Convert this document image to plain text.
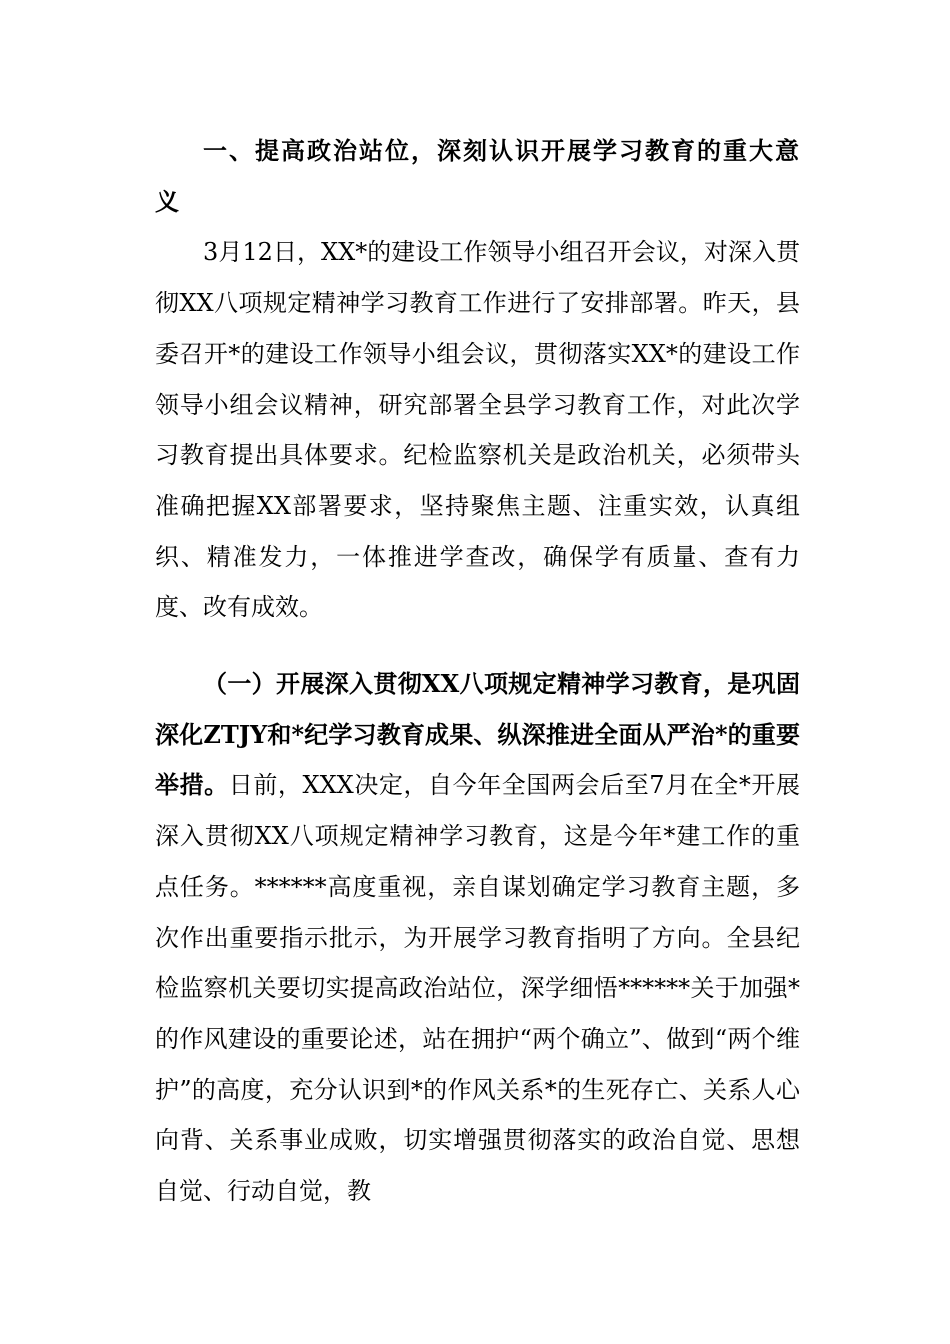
一、提高政治站位，深刻认识开展学习教育的重大意义

3月12日，XX*的建设工作领导小组召开会议，对深入贯彻XX八项规定精神学习教育工作进行了安排部署。昨天，县委召开*的建设工作领导小组会议，贯彻落实XX*的建设工作领导小组会议精神，研究部署全县学习教育工作，对此次学习教育提出具体要求。纪检监察机关是政治机关，必须带头准确把握XX部署要求，坚持聚焦主题、注重实效，认真组织、精准发力，一体推进学查改，确保学有质量、查有力度、改有成效。

（一）开展深入贯彻XX八项规定精神学习教育，是巩固深化ZTJY和*纪学习教育成果、纵深推进全面从严治*的重要举措。日前，XXX决定，自今年全国两会后至7月在全*开展深入贯彻XX八项规定精神学习教育，这是今年*建工作的重点任务。******高度重视，亲自谋划确定学习教育主题，多次作出重要指示批示，为开展学习教育指明了方向。全县纪检监察机关要切实提高政治站位，深学细悟******关于加强*的作风建设的重要论述，站在拥护“两个确立”、做到“两个维护”的高度，充分认识到*的作风关系*的生死存亡、关系人心向背、关系事业成败，切实增强贯彻落实的政治自觉、思想自觉、行动自觉，教
